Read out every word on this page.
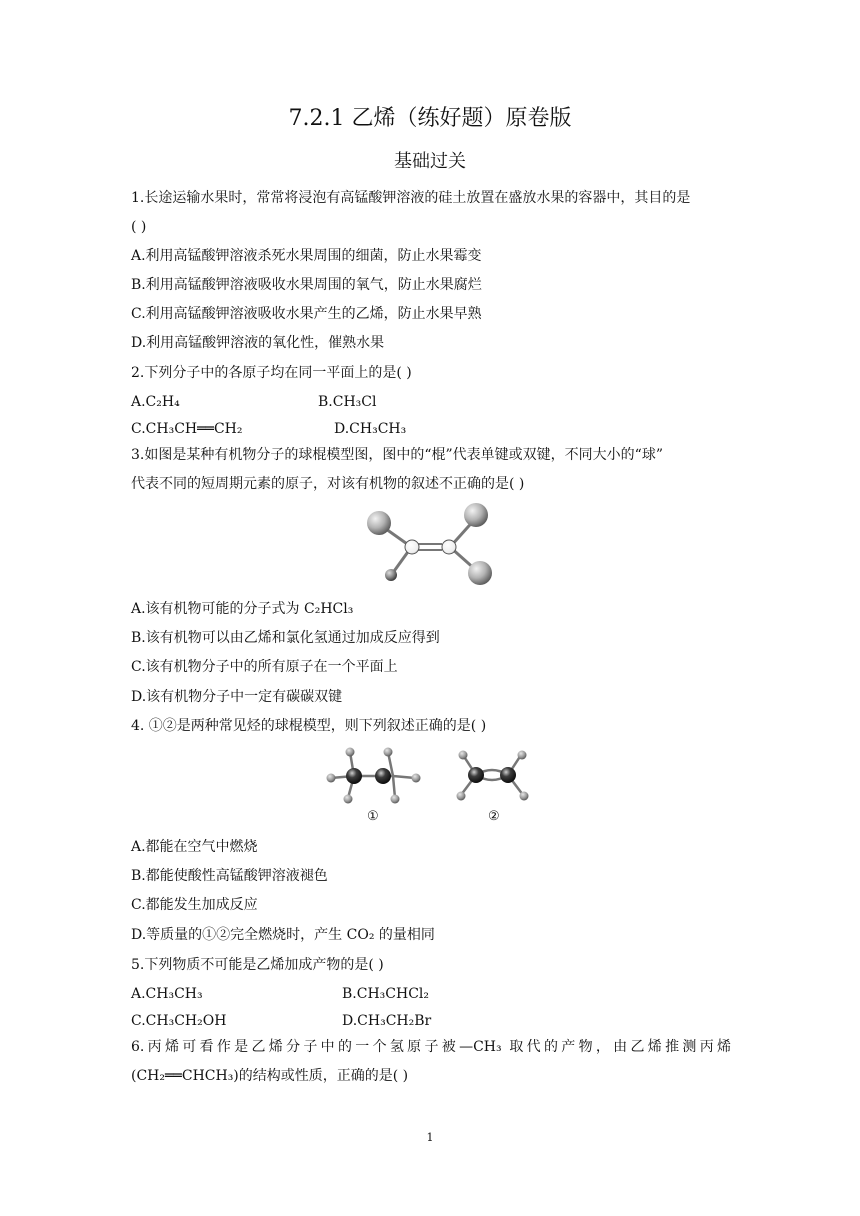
7.2.1 乙烯（练好题）原卷版
基础过关
1.长途运输水果时，常常将浸泡有高锰酸钾溶液的硅土放置在盛放水果的容器中，其目的是
( )
A.利用高锰酸钾溶液杀死水果周围的细菌，防止水果霉变
B.利用高锰酸钾溶液吸收水果周围的氧气，防止水果腐烂
C.利用高锰酸钾溶液吸收水果产生的乙烯，防止水果早熟
D.利用高锰酸钾溶液的氧化性，催熟水果
2.下列分子中的各原子均在同一平面上的是( )
A.C₂H₄	B.CH₃Cl
C.CH₃CH══CH₂	D.CH₃CH₃
3.如图是某种有机物分子的球棍模型图，图中的“棍”代表单键或双键，不同大小的“球”
代表不同的短周期元素的原子，对该有机物的叙述不正确的是( )
A.该有机物可能的分子式为 C₂HCl₃
B.该有机物可以由乙烯和氯化氢通过加成反应得到
C.该有机物分子中的所有原子在一个平面上
D.该有机物分子中一定有碳碳双键
4. ①②是两种常见烃的球棍模型，则下列叙述正确的是( )
①	②
A.都能在空气中燃烧
B.都能使酸性高锰酸钾溶液褪色
C.都能发生加成反应
D.等质量的①②完全燃烧时，产生 CO₂ 的量相同
5.下列物质不可能是乙烯加成产物的是( )
A.CH₃CH₃	B.CH₃CHCl₂
C.CH₃CH₂OH	D.CH₃CH₂Br
6.丙烯可看作是乙烯分子中的一个氢原子被—CH₃ 取代的产物，由乙烯推测丙烯
(CH₂══CHCH₃)的结构或性质，正确的是( )
1
